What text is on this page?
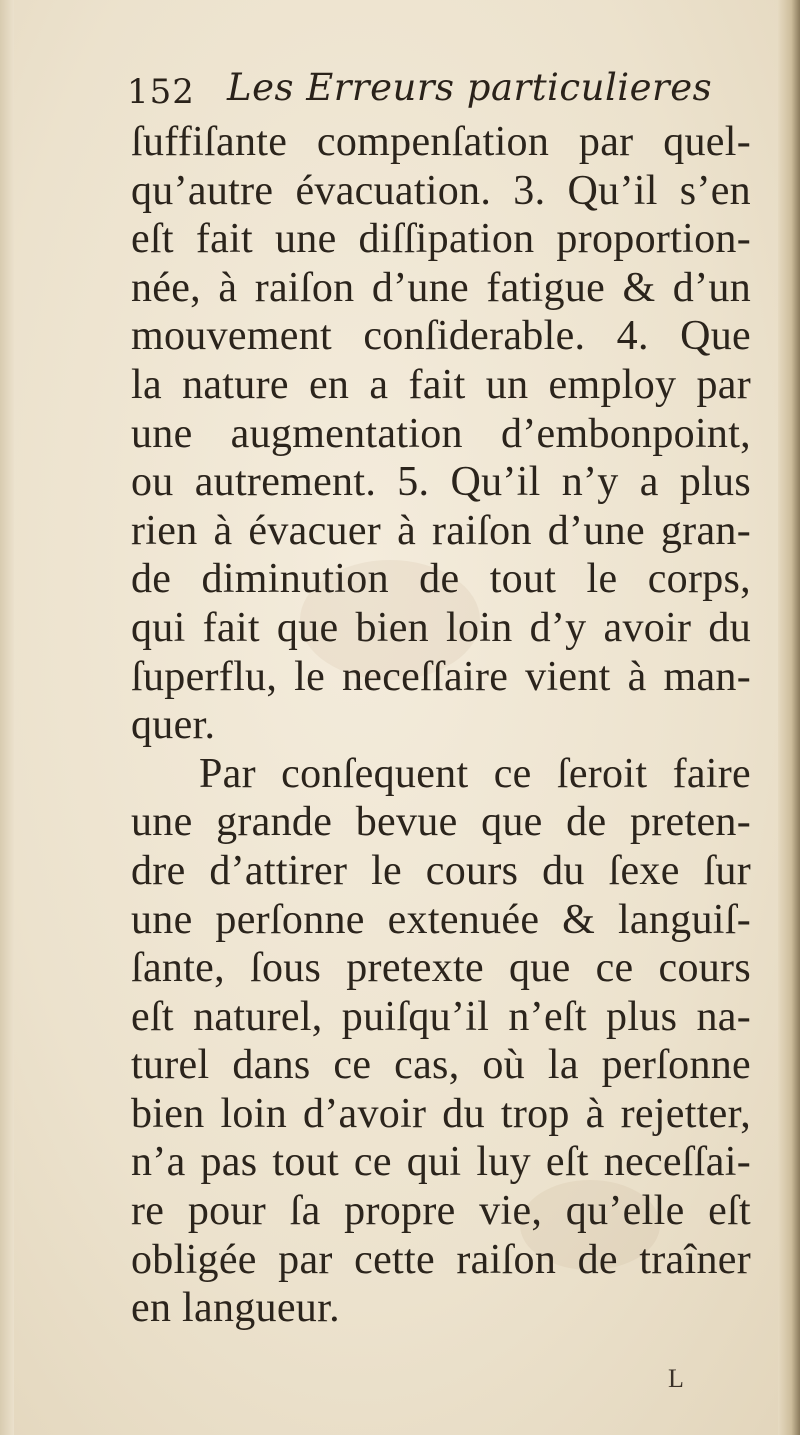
152 Les Erreurs particulieres
ſuffiſante compenſation par quel-
qu’autre évacuation. 3. Qu’il s’en
eſt fait une diſſipation proportion-
née, à raiſon d’une fatigue & d’un
mouvement conſiderable. 4. Que
la nature en a fait un employ par
une augmentation d’embonpoint,
ou autrement. 5. Qu’il n’y a plus
rien à évacuer à raiſon d’une gran-
de diminution de tout le corps,
qui fait que bien loin d’y avoir du
ſuperflu, le neceſſaire vient à man-
quer.
Par conſequent ce ſeroit faire
une grande bevue que de preten-
dre d’attirer le cours du ſexe ſur
une perſonne extenuée & languiſ-
ſante, ſous pretexte que ce cours
eſt naturel, puiſqu’il n’eſt plus na-
turel dans ce cas, où la perſonne
bien loin d’avoir du trop à rejetter,
n’a pas tout ce qui luy eſt neceſſai-
re pour ſa propre vie, qu’elle eſt
obligée par cette raiſon de traîner
en langueur.
L
